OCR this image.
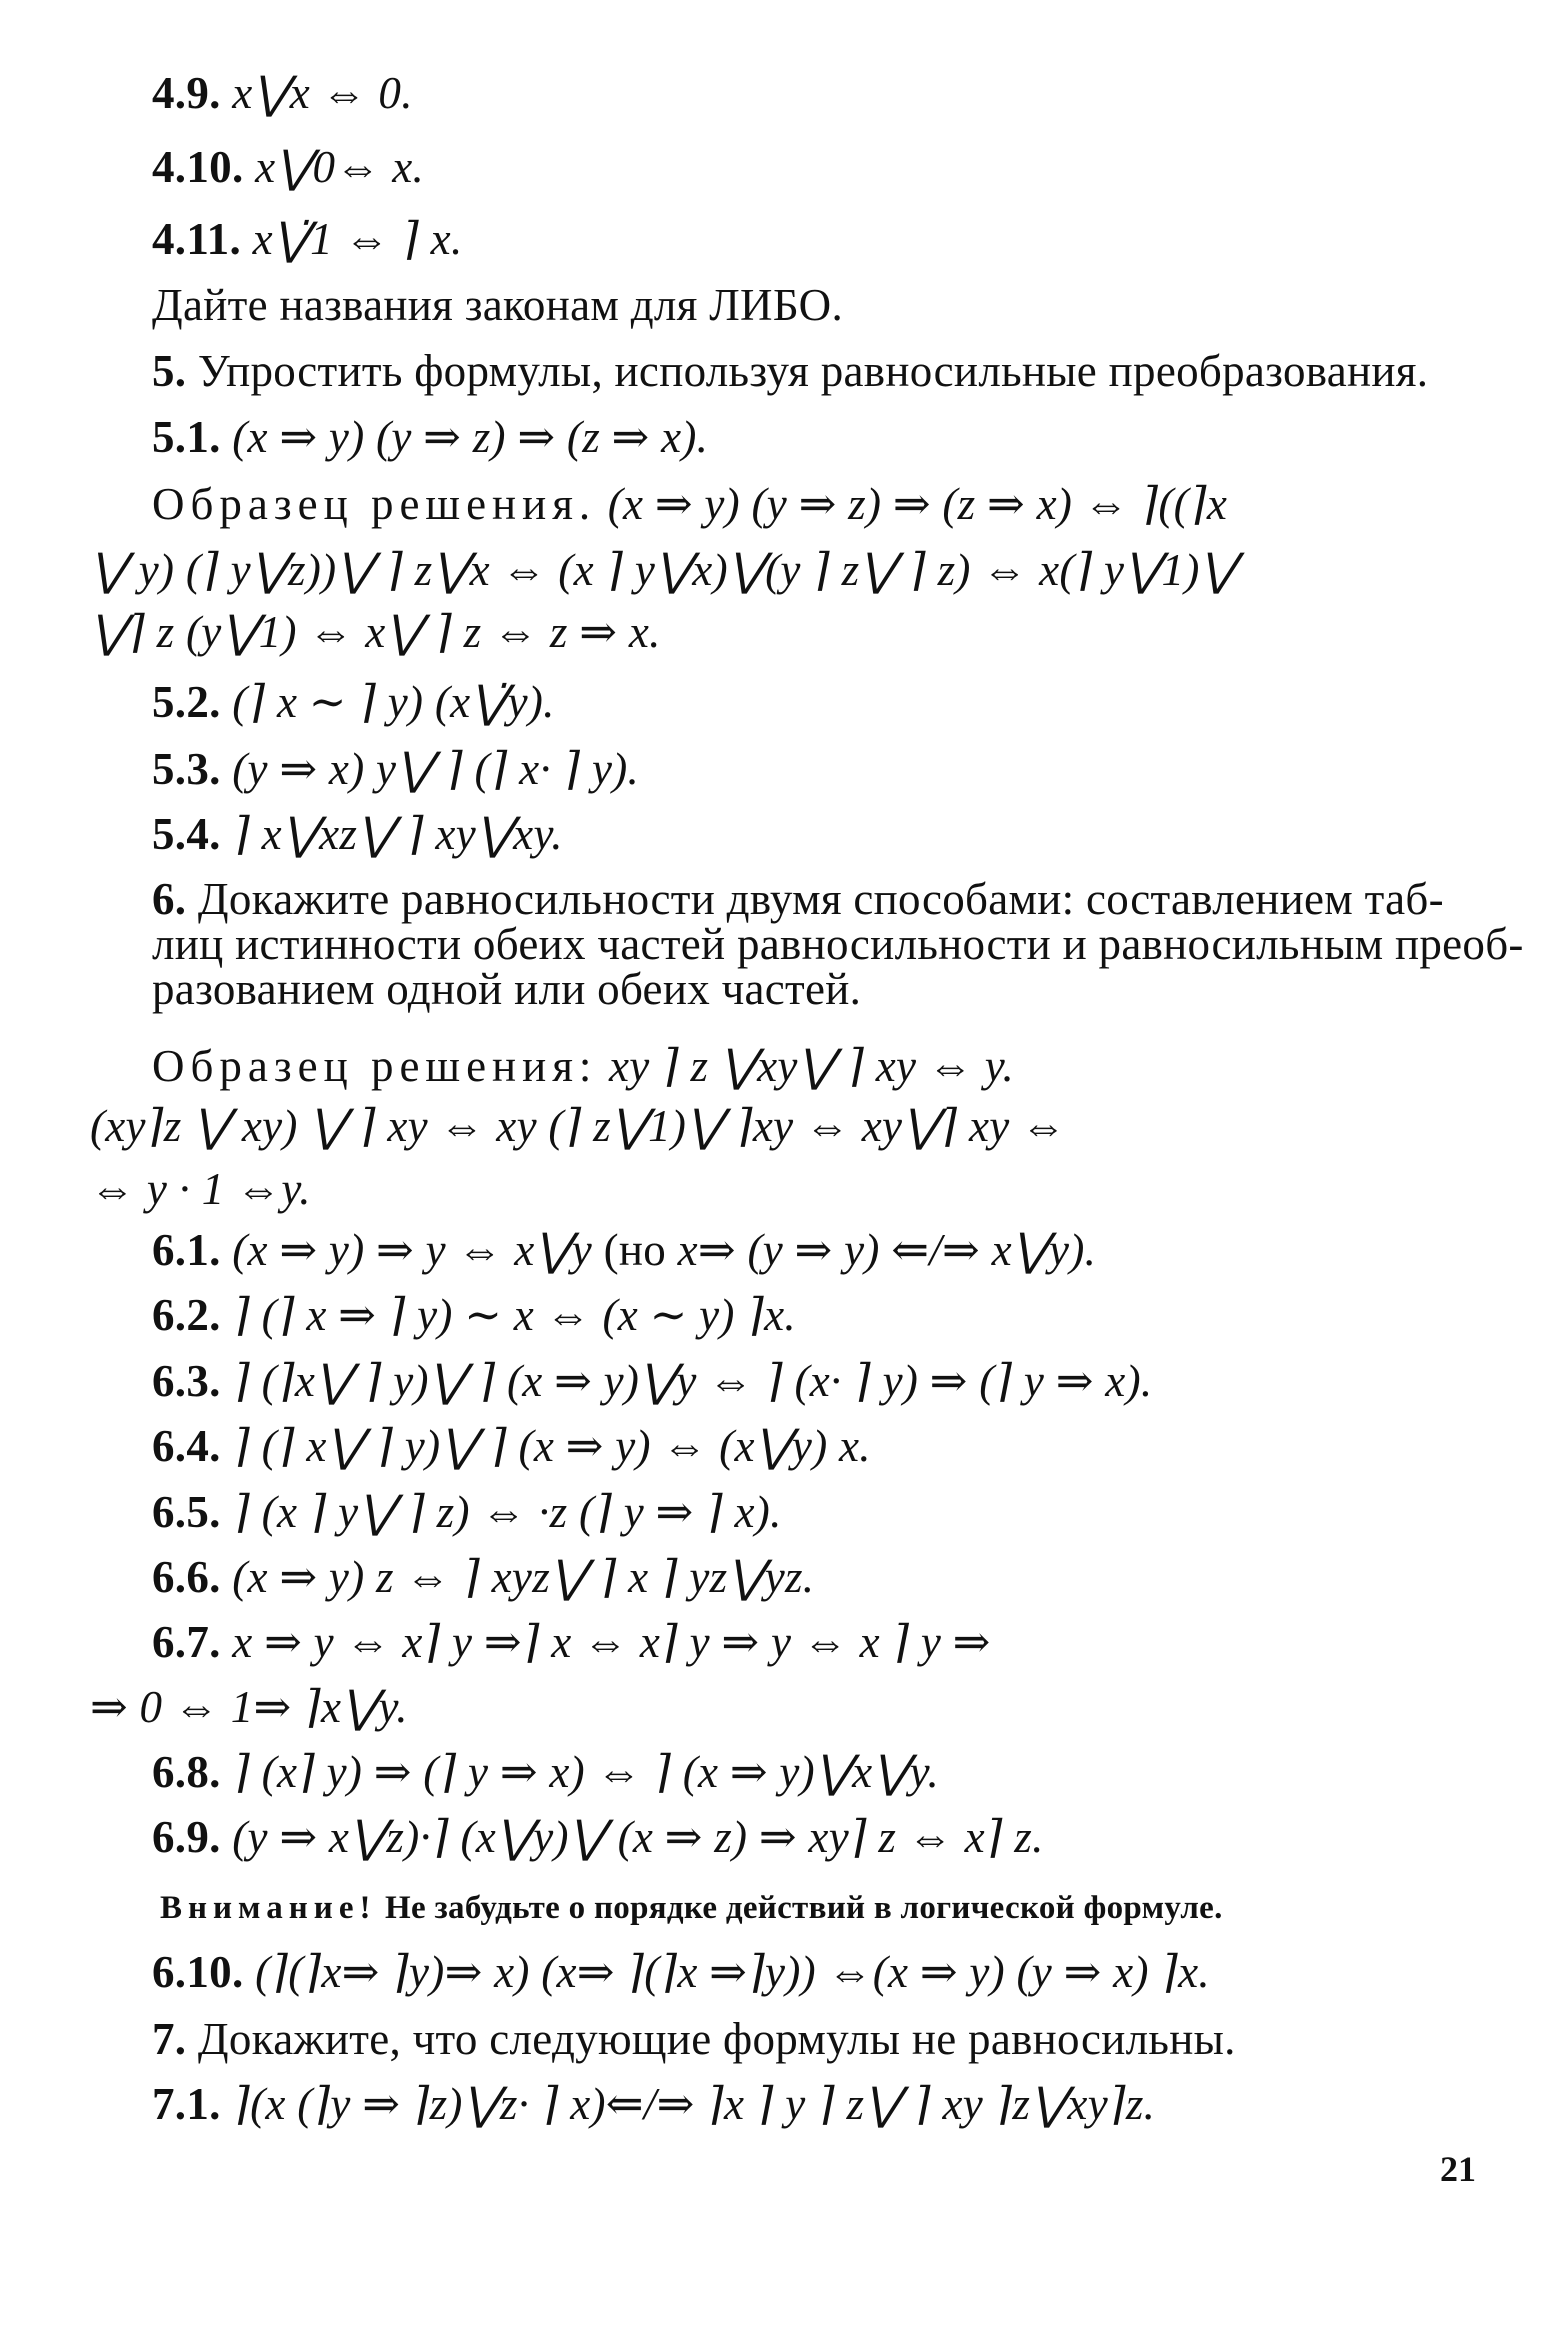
4.9. x⋁x ⇔ 0.
4.10. x⋁0⇔ x.
4.11. x⋁̇1 ⇔ ⌉ x.
Дайте названия законам для ЛИБО.
5. Упростить формулы, используя равносильные преобразования.
5.1. (x ⇒ y) (y ⇒ z) ⇒ (z ⇒ x).
Образец решения. (x ⇒ y) (y ⇒ z) ⇒ (z ⇒ x) ⇔ ⌉((⌉x
⋁ y) (⌉ y⋁z))⋁ ⌉ z⋁x ⇔ (x ⌉ y⋁x)⋁(y ⌉ z⋁ ⌉ z) ⇔ x(⌉ y⋁1)⋁
⋁⌉ z (y⋁1) ⇔ x⋁ ⌉ z ⇔ z ⇒ x.
5.2. (⌉ x ∼ ⌉ y) (x⋁̇y).
5.3. (y ⇒ x) y⋁ ⌉ (⌉ x· ⌉ y).
5.4. ⌉ x⋁xz⋁ ⌉ xy⋁xy.
6. Докажите равносильности двумя способами: составлением таб-
лиц истинности обеих частей равносильности и равносильным преоб-
разованием одной или обеих частей.
Образец решения: xy ⌉ z ⋁xy⋁ ⌉ xy ⇔ y.
(xy⌉z ⋁ xy) ⋁ ⌉ xy ⇔ xy (⌉ z⋁1)⋁ ⌉xy ⇔ xy⋁⌉ xy ⇔
⇔ y · 1 ⇔y.
6.1. (x ⇒ y) ⇒ y ⇔ x⋁y (но x⇒ (y ⇒ y) ⇐/⇒ x⋁y).
6.2. ⌉ (⌉ x ⇒ ⌉ y) ∼ x ⇔ (x ∼ y) ⌉x.
6.3. ⌉ (⌉x⋁ ⌉ y)⋁ ⌉ (x ⇒ y)⋁y ⇔ ⌉ (x· ⌉ y) ⇒ (⌉ y ⇒ x).
6.4. ⌉ (⌉ x⋁ ⌉ y)⋁ ⌉ (x ⇒ y) ⇔ (x⋁y) x.
6.5. ⌉ (x ⌉ y⋁ ⌉ z) ⇔ ·z (⌉ y ⇒ ⌉ x).
6.6. (x ⇒ y) z ⇔ ⌉ xyz⋁ ⌉ x ⌉ yz⋁yz.
6.7. x ⇒ y ⇔ x⌉ y ⇒⌉ x ⇔ x⌉ y ⇒ y ⇔ x ⌉ y ⇒
⇒ 0 ⇔ 1⇒ ⌉x⋁y.
6.8. ⌉ (x⌉ y) ⇒ (⌉ y ⇒ x) ⇔ ⌉ (x ⇒ y)⋁x⋁y.
6.9. (y ⇒ x⋁z)·⌉ (x⋁y)⋁ (x ⇒ z) ⇒ xy⌉ z ⇔ x⌉ z.
Внимание! Не забудьте о порядке действий в логической формуле.
6.10. (⌉(⌉x⇒ ⌉y)⇒ x) (x⇒ ⌉(⌉x ⇒⌉y)) ⇔(x ⇒ y) (y ⇒ x) ⌉x.
7. Докажите, что следующие формулы не равносильны.
7.1. ⌉(x (⌉y ⇒ ⌉z)⋁z· ⌉ x)⇐/⇒ ⌉x ⌉ y ⌉ z⋁ ⌉ xy ⌉z⋁xy⌉z.
21
